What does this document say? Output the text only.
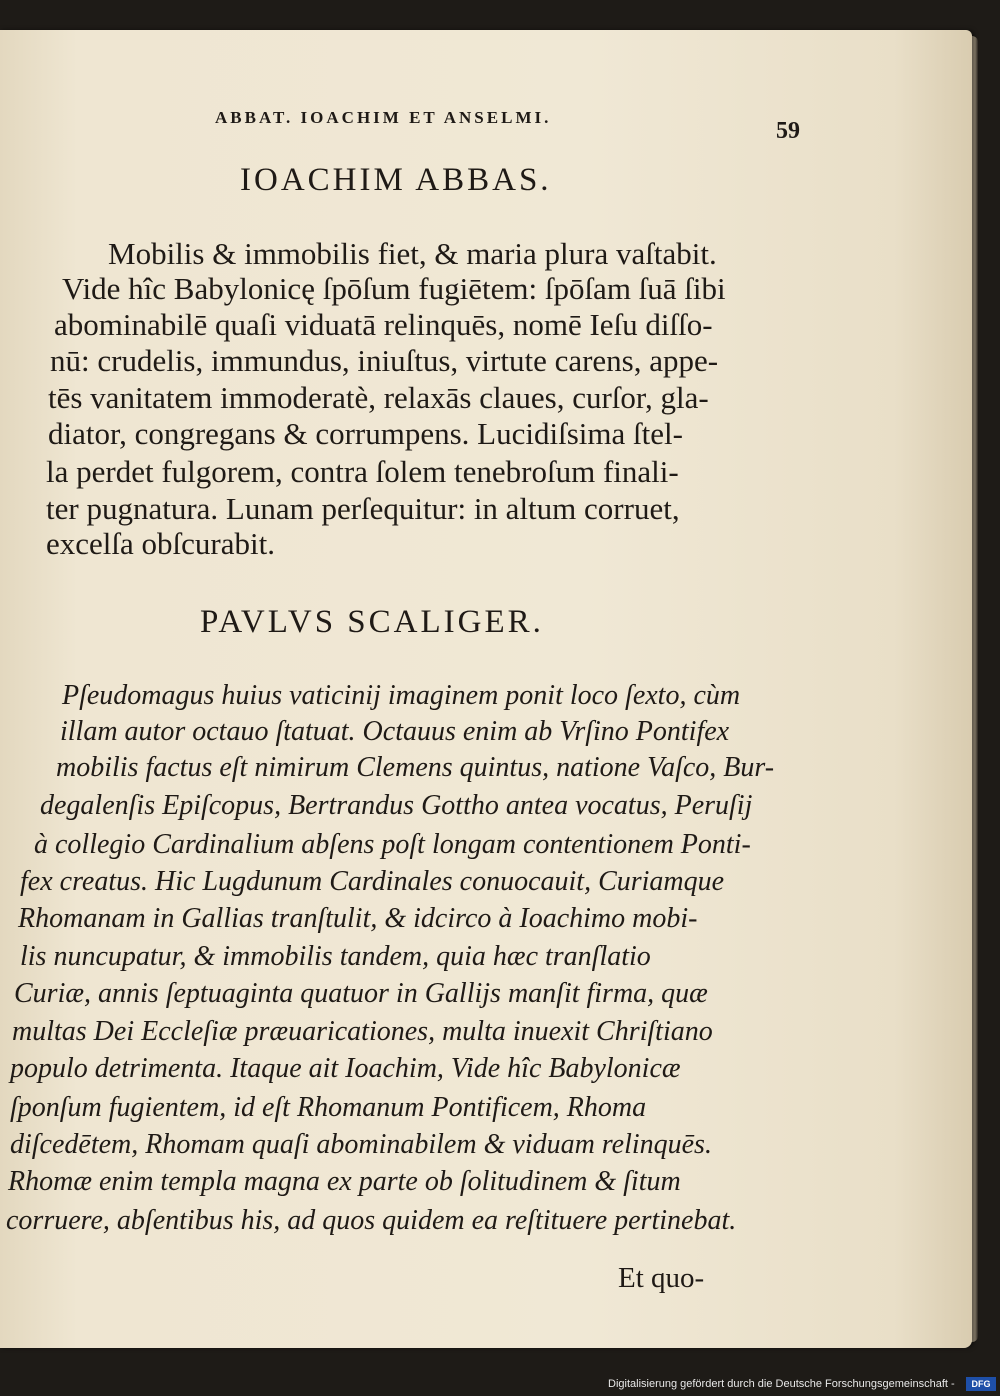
ABBAT. IOACHIM ET ANSELMI.
59
IOACHIM ABBAS.
Mobilis & immobilis fiet, & maria plura vaſtabit.
Vide hîc Babylonicę ſpōſum fugiētem: ſpōſam ſuā ſibi
abominabilē quaſi viduatā relinquēs, nomē Ieſu diſſo-
nū: crudelis, immundus, iniuſtus, virtute carens, appe-
tēs vanitatem immoderatè, relaxās claues, curſor, gla-
diator, congregans & corrumpens. Lucidiſsima ſtel-
la perdet fulgorem, contra ſolem tenebroſum finali-
ter pugnatura. Lunam perſequitur: in altum corruet,
excelſa obſcurabit.
PAVLVS SCALIGER.
Pſeudomagus huius vaticinij imaginem ponit loco ſexto, cùm
illam autor octauo ſtatuat. Octauus enim ab Vrſino Pontifex
mobilis factus eſt nimirum Clemens quintus, natione Vaſco, Bur-
degalenſis Epiſcopus, Bertrandus Gottho antea vocatus, Peruſij
à collegio Cardinalium abſens poſt longam contentionem Ponti-
fex creatus. Hic Lugdunum Cardinales conuocauit, Curiamque
Rhomanam in Gallias tranſtulit, & idcirco à Ioachimo mobi-
lis nuncupatur, & immobilis tandem, quia hæc tranſlatio
Curiæ, annis ſeptuaginta quatuor in Gallijs manſit firma, quæ
multas Dei Eccleſiæ præuaricationes, multa inuexit Chriſtiano
populo detrimenta. Itaque ait Ioachim, Vide hîc Babylonicæ
ſponſum fugientem, id eſt Rhomanum Pontificem, Rhoma
diſcedētem, Rhomam quaſi abominabilem & viduam relinquēs.
Rhomæ enim templa magna ex parte ob ſolitudinem & ſitum
corruere, abſentibus his, ad quos quidem ea reſtituere pertinebat.
Et quo-
Digitalisierung gefördert durch die Deutsche Forschungsgemeinschaft -	DFG
